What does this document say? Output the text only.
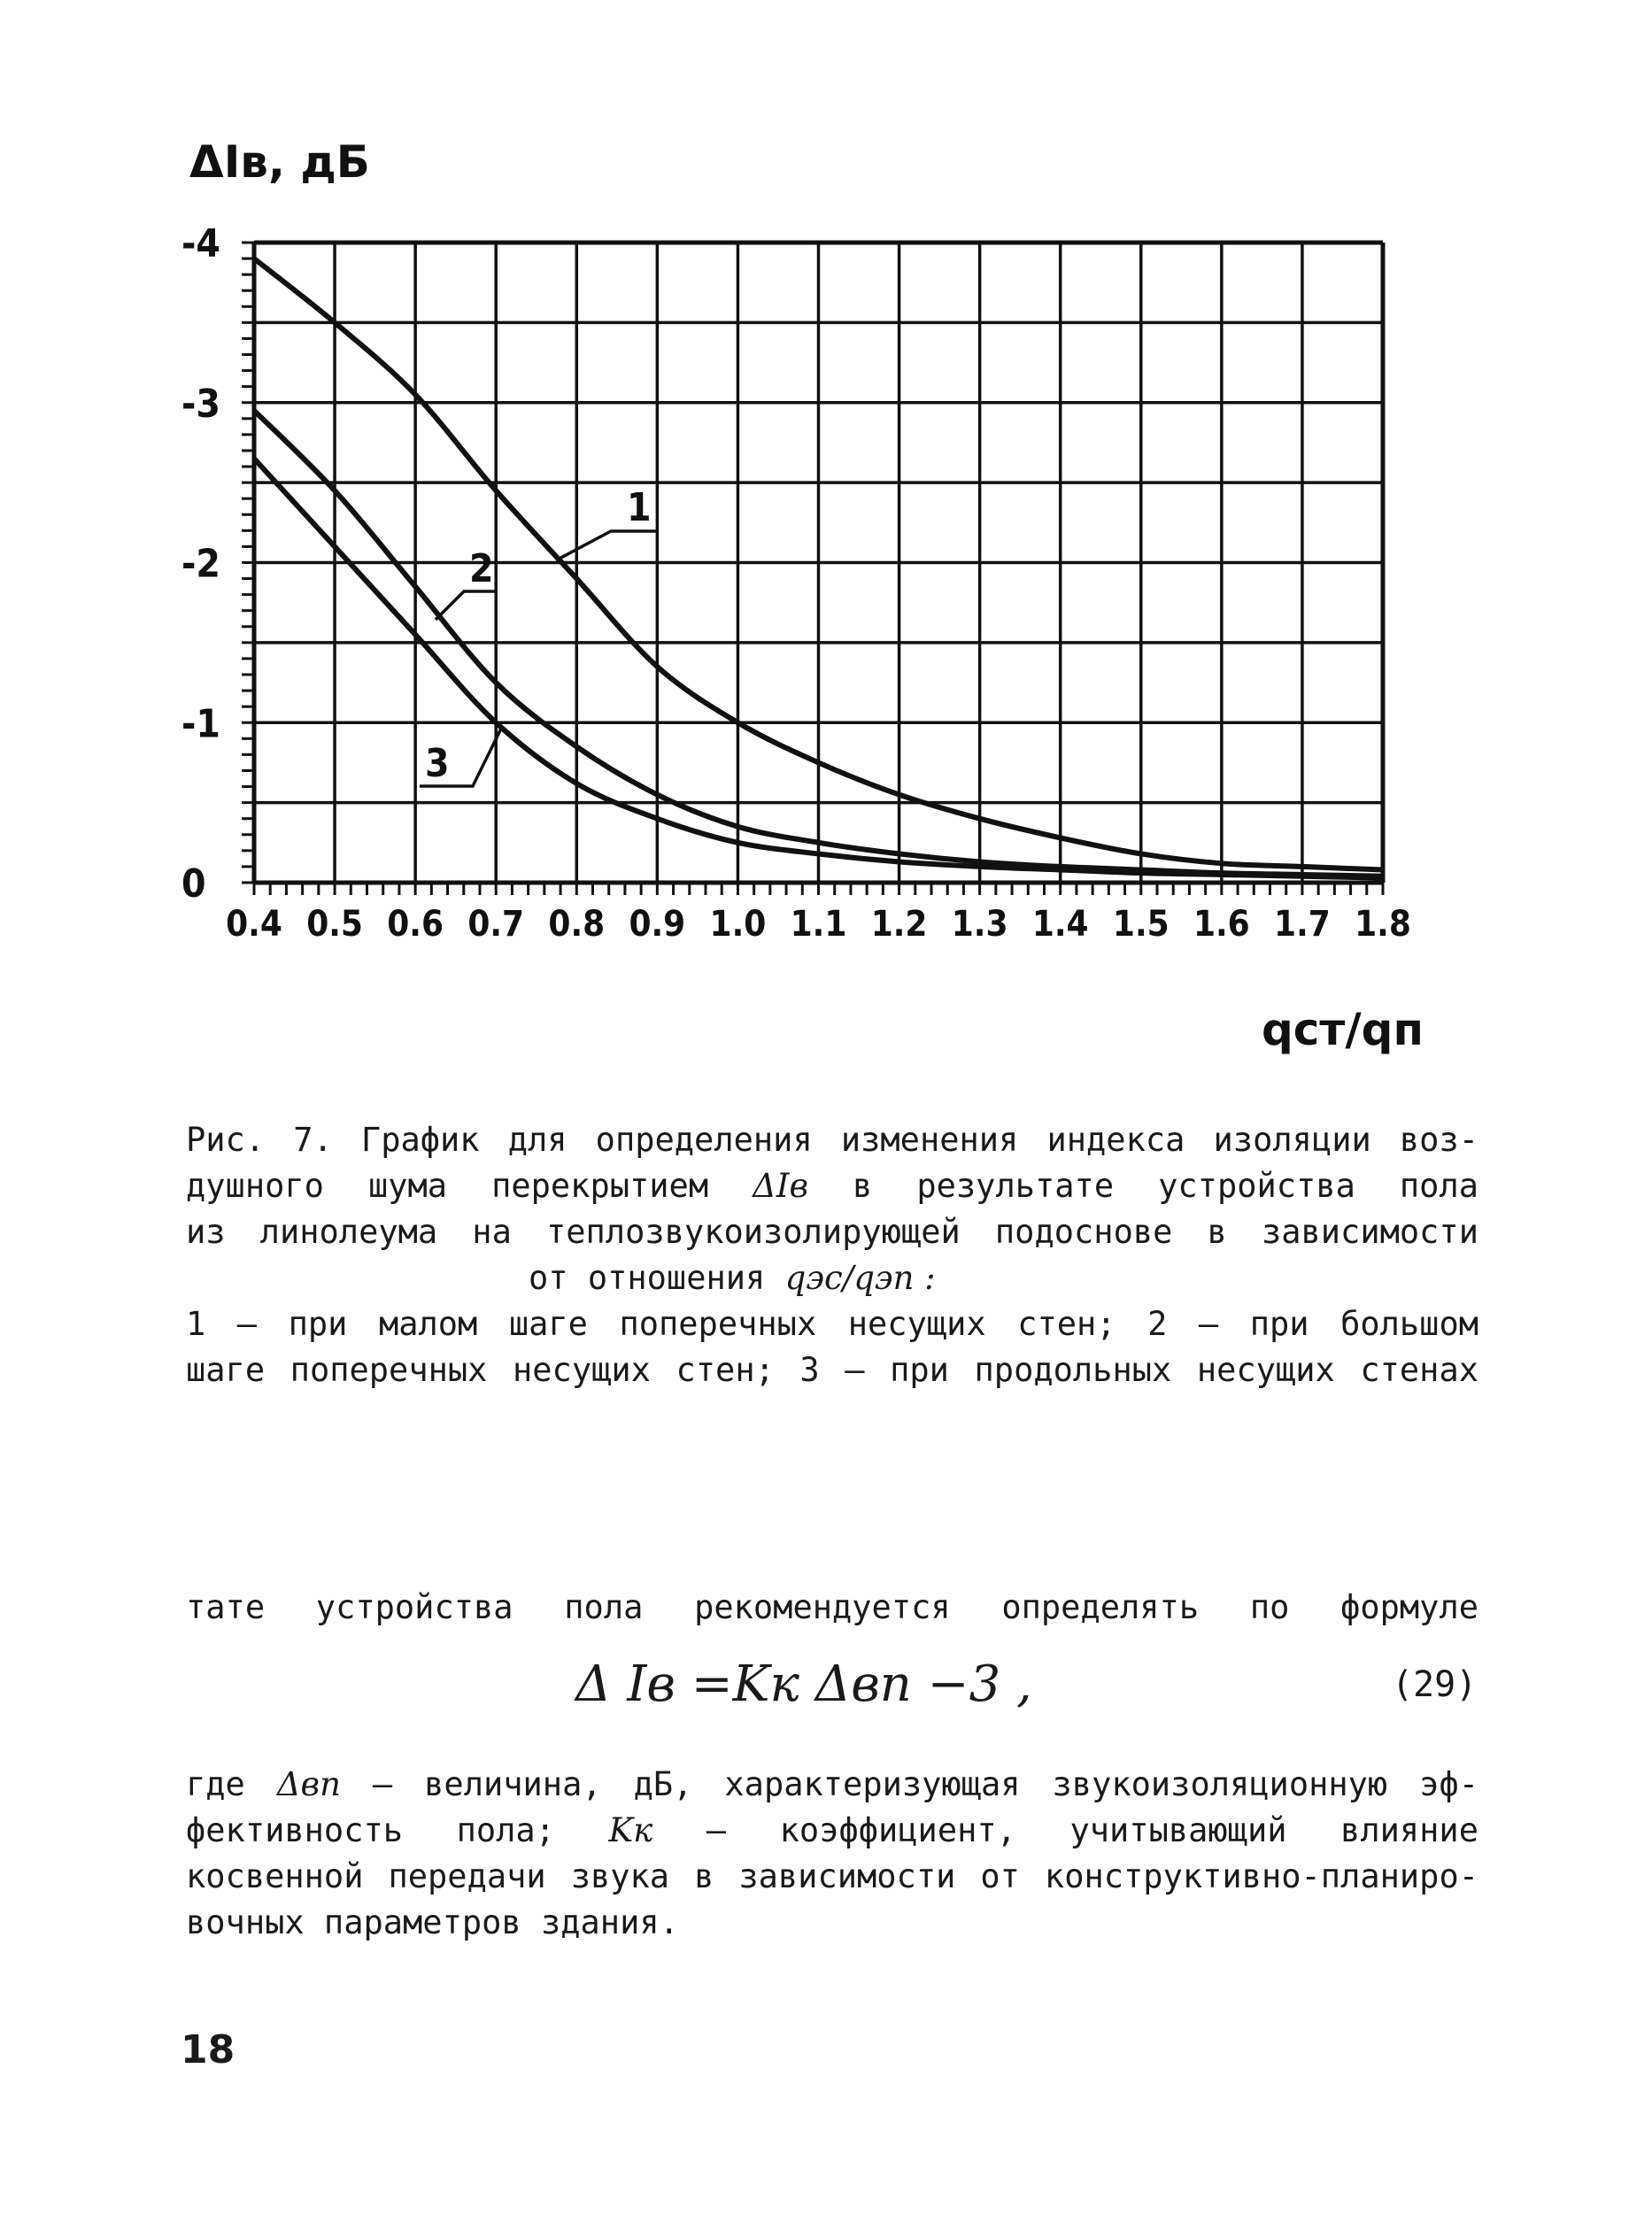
0.4 0.5 0.6 0.7 0.8 0.9 1.0 1.1 1.2 1.3 1.4 1.5 1.6 1.7 1.8
-4
-3
-2
-1
0
1
2
3
ΔIв, дБ
qст/qп
Рис. 7. График для определения изменения индекса изоляции воз-
душного шума перекрытием ΔIв в результате устройства пола
из линолеума на теплозвукоизолирующей подоснове в зависимости
от отношения qэс/qэп :
1 – при малом шаге поперечных несущих стен; 2 – при большом
шаге поперечных несущих стен; 3 – при продольных несущих стенах
тате устройства пола рекомендуется определять по формуле
Δ Iв =Kк Δвп −3 ,	(29)
где Δвп – величина, дБ, характеризующая звукоизоляционную эф-
фективность пола; Kк – коэффициент, учитывающий влияние
косвенной передачи звука в зависимости от конструктивно-планиро-
вочных параметров здания.
18
